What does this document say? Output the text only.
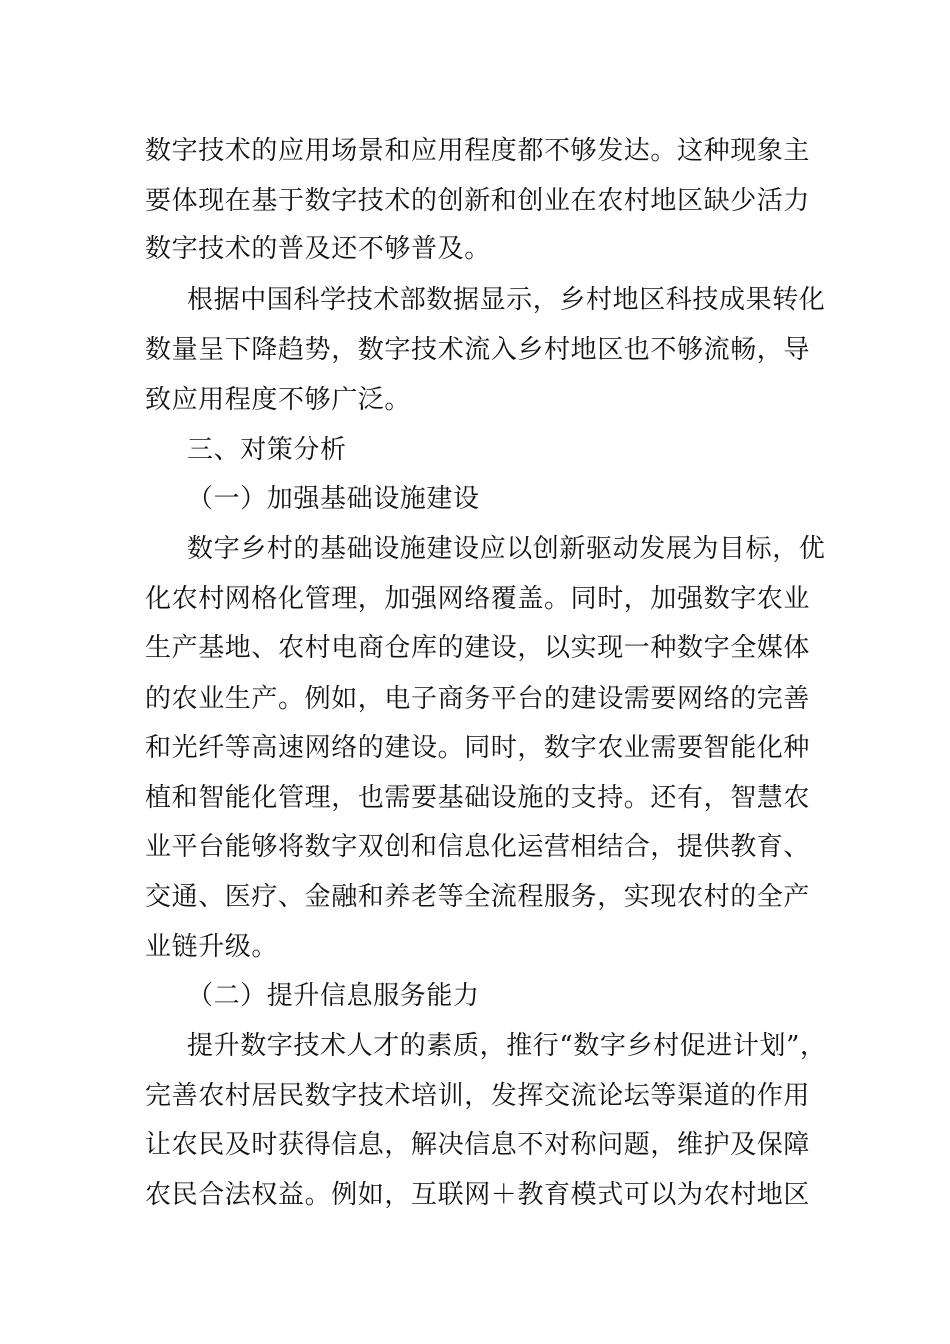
数字技术的应用场景和应用程度都不够发达。这种现象主
要体现在基于数字技术的创新和创业在农村地区缺少活力
数字技术的普及还不够普及。
根据中国科学技术部数据显示，乡村地区科技成果转化
数量呈下降趋势，数字技术流入乡村地区也不够流畅，导
致应用程度不够广泛。
三、对策分析
（一）加强基础设施建设
数字乡村的基础设施建设应以创新驱动发展为目标，优
化农村网格化管理，加强网络覆盖。同时，加强数字农业
生产基地、农村电商仓库的建设，以实现一种数字全媒体
的农业生产。例如，电子商务平台的建设需要网络的完善
和光纤等高速网络的建设。同时，数字农业需要智能化种
植和智能化管理，也需要基础设施的支持。还有，智慧农
业平台能够将数字双创和信息化运营相结合，提供教育、
交通、医疗、金融和养老等全流程服务，实现农村的全产
业链升级。
（二）提升信息服务能力
提升数字技术人才的素质，推行“数字乡村促进计划”，
完善农村居民数字技术培训，发挥交流论坛等渠道的作用
让农民及时获得信息，解决信息不对称问题，维护及保障
农民合法权益。例如，互联网＋教育模式可以为农村地区
